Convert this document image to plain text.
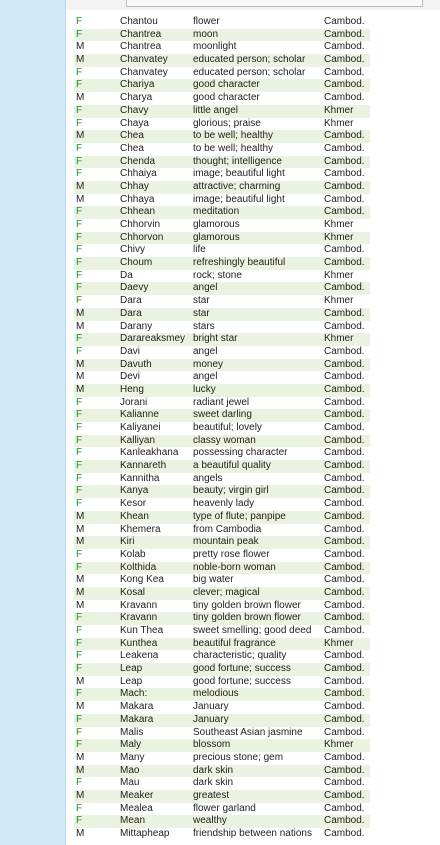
F	Chantou	flower	Cambod.
F	Chantrea	moon	Cambod.
M	Chantrea	moonlight	Cambod.
M	Chanvatey	educated person; scholar	Cambod.
F	Chanvatey	educated person; scholar	Cambod.
F	Chariya	good character	Cambod.
M	Charya	good character	Cambod.
F	Chavy	little angel	Khmer
F	Chaya	glorious; praise	Khmer
M	Chea	to be well; healthy	Cambod.
F	Chea	to be well; healthy	Cambod.
F	Chenda	thought; intelligence	Cambod.
F	Chhaiya	image; beautiful light	Cambod.
M	Chhay	attractive; charming	Cambod.
M	Chhaya	image; beautiful light	Cambod.
F	Chhean	meditation	Cambod.
F	Chhorvin	glamorous	Khmer
F	Chhorvon	glamorous	Khmer
F	Chivy	life	Cambod.
F	Choum	refreshingly beautiful	Cambod.
F	Da	rock; stone	Khmer
F	Daevy	angel	Cambod.
F	Dara	star	Khmer
M	Dara	star	Cambod.
M	Darany	stars	Cambod.
F	Darareaksmey bright star	Khmer
F	Davi	angel	Cambod.
M	Davuth	money	Cambod.
M	Devi	angel	Cambod.
M	Heng	lucky	Cambod.
F	Jorani	radiant jewel	Cambod.
F	Kalianne	sweet darling	Cambod.
F	Kaliyanei	beautiful; lovely	Cambod.
F	Kalliyan	classy woman	Cambod.
F	Kanleakhana	possessing character	Cambod.
F	Kannareth	a beautiful quality	Cambod.
F	Kannitha	angels	Cambod.
F	Kanya	beauty; virgin girl	Cambod.
F	Kesor	heavenly lady	Cambod.
M	Khean	type of flute; panpipe	Cambod.
M	Khemera	from Cambodia	Cambod.
M	Kiri	mountain peak	Cambod.
F	Kolab	pretty rose flower	Cambod.
F	Kolthida	noble-born woman	Cambod.
M	Kong Kea	big water	Cambod.
M	Kosal	clever; magical	Cambod.
M	Kravann	tiny golden brown flower	Cambod.
F	Kravann	tiny golden brown flower	Cambod.
F	Kun Thea	sweet smelling; good deed	Cambod.
F	Kunthea	beautiful fragrance	Khmer
F	Leakena	characteristic; quality	Cambod.
F	Leap	good fortune; success	Cambod.
M	Leap	good fortune; success	Cambod.
F	Mach:	melodious	Cambod.
M	Makara	January	Cambod.
F	Makara	January	Cambod.
F	Malis	Southeast Asian jasmine	Cambod.
F	Maly	blossom	Khmer
M	Many	precious stone; gem	Cambod.
M	Mao	dark skin	Cambod.
F	Mau	dark skin	Cambod.
M	Meaker	greatest	Cambod.
F	Mealea	flower garland	Cambod.
F	Mean	wealthy	Cambod.
M	Mittapheap	friendship between nations	Cambod.
